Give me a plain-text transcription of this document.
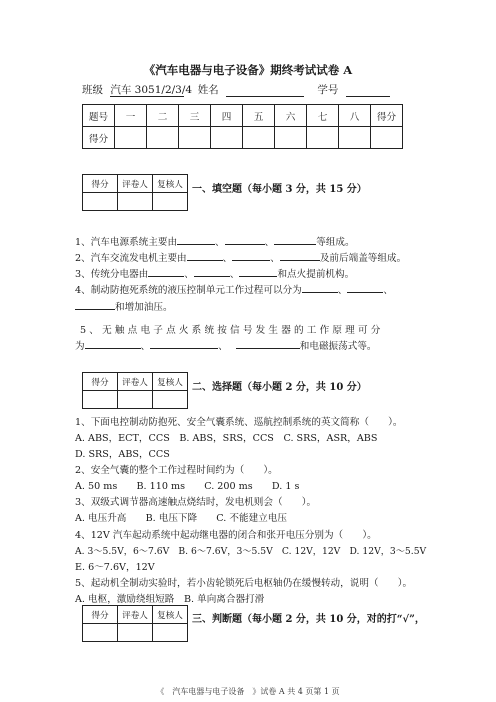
《汽车电器与电子设备》期终考试试卷 A
班级 汽车 3051/2/3/4 姓名	学号
题号	一	二	三	四	五	六	七	八	得分
得分									
得分	评卷人	复核人
		一、填空题（每小题 3 分，共 15 分）
1、汽车电源系统主要由	、	、	等组成。
2、汽车交流发电机主要由	、	、	及前后端盖等组成。
3、传统分电器由	、	、	和点火提前机构。
4、制动防抱死系统的液压控制单元工作过程可以分为	、	、
和增加油压。
5、无触点电子点火系统按信号发生器的工作原理可分
为	、	、	和电磁振荡式等。
得分	评卷人	复核人
		二、选择题（每小题 2 分，共 10 分）
1、下面电控制动防抱死、安全气囊系统、巡航控制系统的英文简称（　　）。
A. ABS，ECT，CCS　B. ABS，SRS，CCS　C. SRS，ASR，ABS
D. SRS，ABS，CCS
2、安全气囊的整个工作过程时间约为（　　）。
A. 50 ms　　B. 110 ms　　C. 200 ms　　D. 1 s
3、双级式调节器高速触点烧结时，发电机则会（　　）。
A. 电压升高　　B. 电压下降　　C. 不能建立电压
4、12V 汽车起动系统中起动继电器的闭合和张开电压分别为（　　）。
A. 3～5.5V，6～7.6V　B. 6～7.6V，3～5.5V　C. 12V，12V　D. 12V，3～5.5V
E. 6～7.6V，12V
5、起动机全制动实验时，若小齿轮锁死后电枢轴仍在缓慢转动，说明（　　）。
A. 电枢，激励绕组短路　B. 单向离合器打滑
得分	评卷人	复核人
		三、判断题（每小题 2 分，共 10 分，对的打“√”，
《　汽车电器与电子设备　》试卷 A 共 4 页第 1 页
